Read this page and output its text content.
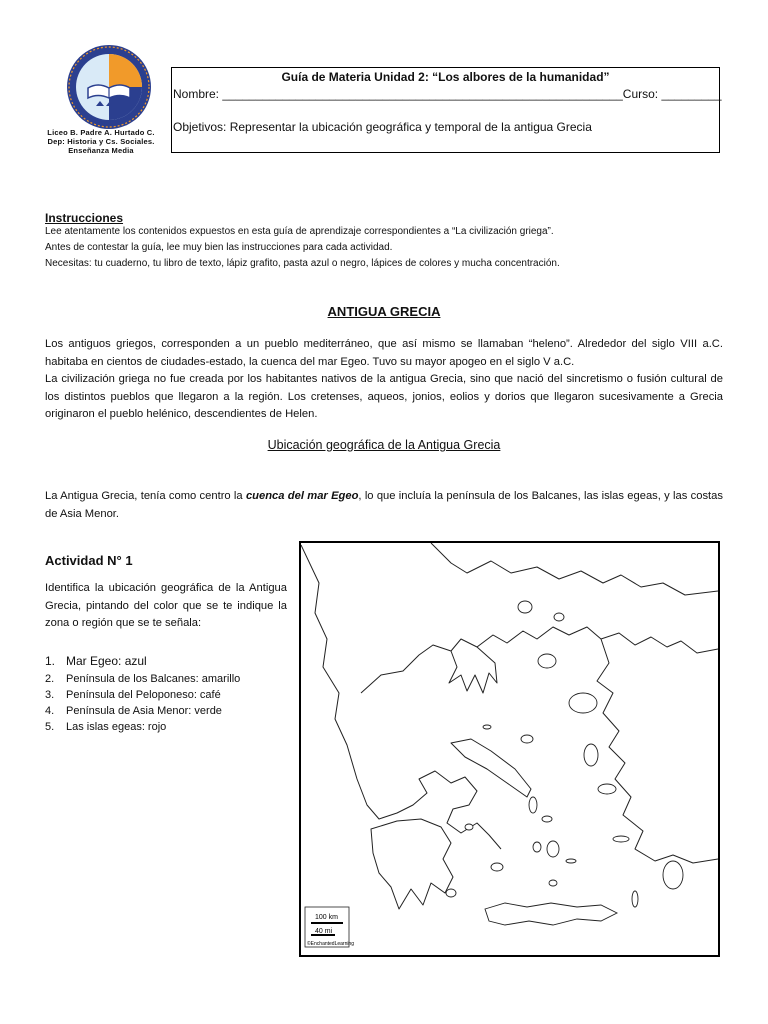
Liceo B. Padre A. Hurtado C.
Dep: Historia y Cs. Sociales.
Enseñanza Media
Guía de Materia Unidad 2: “Los albores de la humanidad”
Nombre: ____________________________________________________________Curso: _________
Objetivos: Representar la ubicación geográfica y temporal de la antigua Grecia
Instrucciones
Lee atentamente los contenidos expuestos en esta guía de aprendizaje correspondientes a “La civilización griega”.
Antes de contestar la guía, lee muy bien las instrucciones para cada actividad.
Necesitas: tu cuaderno, tu libro de texto, lápiz grafito, pasta azul o negro, lápices de colores y mucha concentración.
ANTIGUA GRECIA
Los antiguos griegos, corresponden a un pueblo mediterráneo, que así mismo se llamaban “heleno”. Alrededor del siglo VIII a.C. habitaba en cientos de ciudades-estado, la cuenca del mar Egeo. Tuvo su mayor apogeo en el siglo V a.C.
La civilización griega no fue creada por los habitantes nativos de la antigua Grecia, sino que nació del sincretismo o fusión cultural de los distintos pueblos que llegaron a la región. Los cretenses, aqueos, jonios, eolios y dorios que llegaron sucesivamente a Grecia originaron el pueblo helénico, descendientes de Helen.
Ubicación geográfica de la Antigua Grecia
La Antigua Grecia, tenía como centro la cuenca del mar Egeo, lo que incluía la península de los Balcanes, las islas egeas, y las costas de Asia Menor.
Actividad N° 1
Identifica la ubicación geográfica de la Antigua Grecia, pintando del color que se te indique la zona o región que se te señala:
1. Mar Egeo: azul
2. Península de los Balcanes: amarillo
3. Península del Peloponeso: café
4. Península de Asia Menor: verde
5. Las islas egeas: rojo
100 km
40 mi
©EnchantedLearning
